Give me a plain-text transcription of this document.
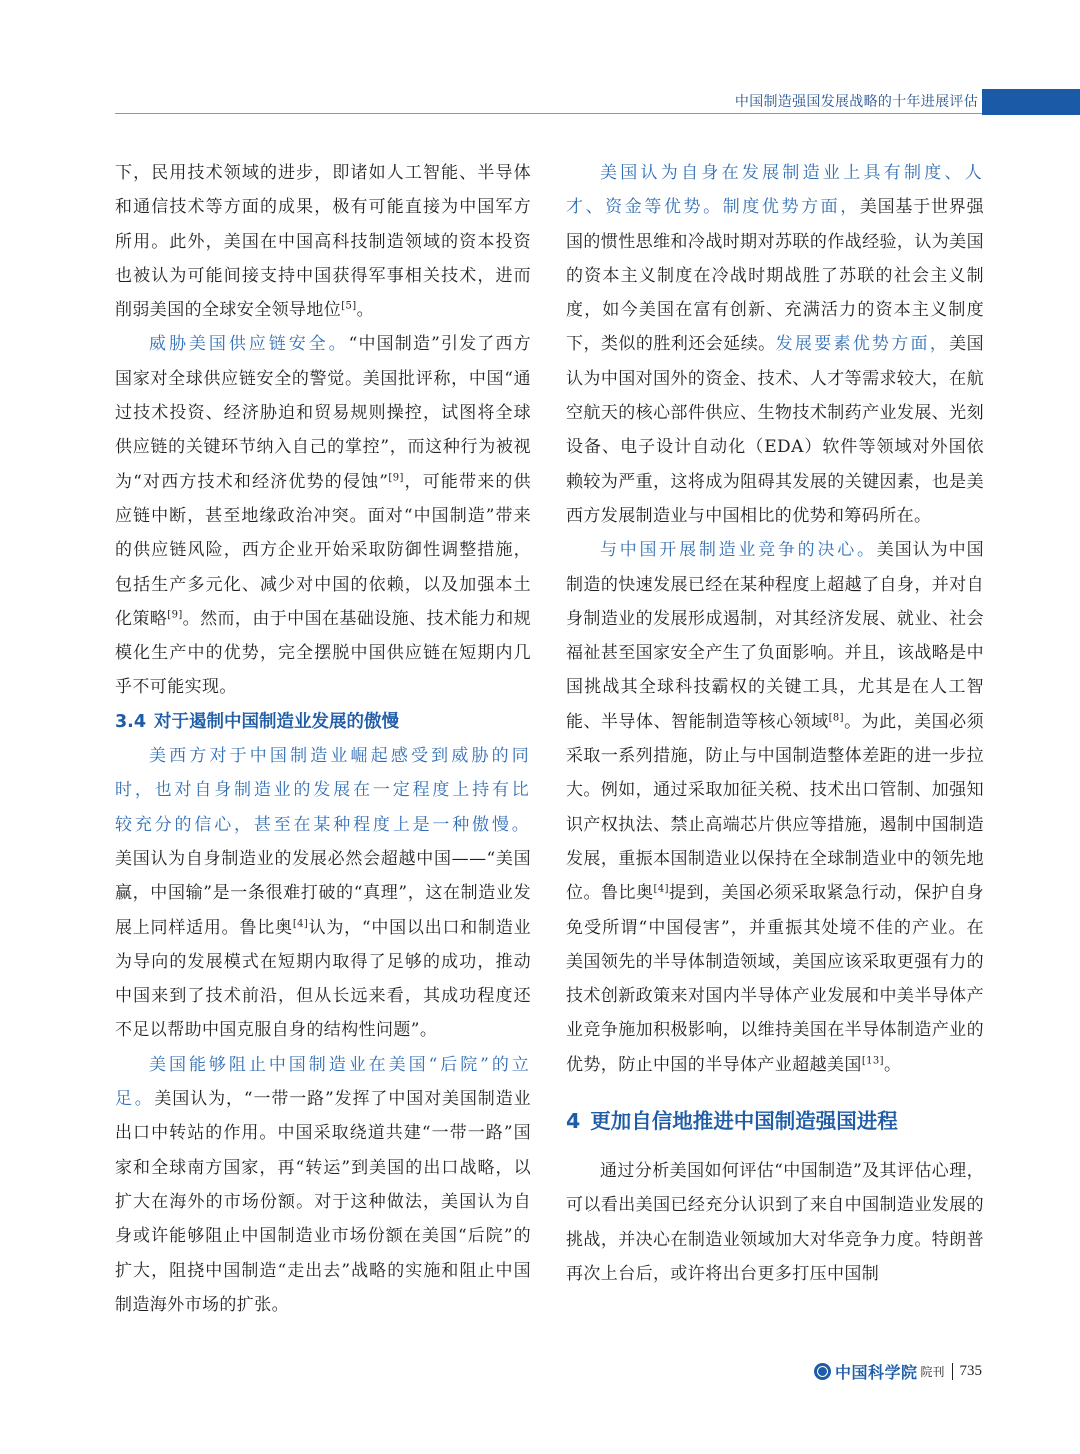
中国制造强国发展战略的十年进展评估

下，民用技术领域的进步，即诸如人工智能、半导体和通信技术等方面的成果，极有可能直接为中国军方所用。此外，美国在中国高科技制造领域的资本投资也被认为可能间接支持中国获得军事相关技术，进而削弱美国的全球安全领导地位[5]。

威胁美国供应链安全。“中国制造”引发了西方国家对全球供应链安全的警觉。美国批评称，中国“通过技术投资、经济胁迫和贸易规则操控，试图将全球供应链的关键环节纳入自己的掌控”，而这种行为被视为“对西方技术和经济优势的侵蚀”[9]，可能带来的供应链中断，甚至地缘政治冲突。面对“中国制造”带来的供应链风险，西方企业开始采取防御性调整措施，包括生产多元化、减少对中国的依赖，以及加强本土化策略[9]。然而，由于中国在基础设施、技术能力和规模化生产中的优势，完全摆脱中国供应链在短期内几乎不可能实现。

3.4 对于遏制中国制造业发展的傲慢

美西方对于中国制造业崛起感受到威胁的同时，也对自身制造业的发展在一定程度上持有比较充分的信心，甚至在某种程度上是一种傲慢。美国认为自身制造业的发展必然会超越中国——“美国赢，中国输”是一条很难打破的“真理”，这在制造业发展上同样适用。鲁比奥[4]认为，“中国以出口和制造业为导向的发展模式在短期内取得了足够的成功，推动中国来到了技术前沿，但从长远来看，其成功程度还不足以帮助中国克服自身的结构性问题”。

美国能够阻止中国制造业在美国“后院”的立足。美国认为，“一带一路”发挥了中国对美国制造业出口中转站的作用。中国采取绕道共建“一带一路”国家和全球南方国家，再“转运”到美国的出口战略，以扩大在海外的市场份额。对于这种做法，美国认为自身或许能够阻止中国制造业市场份额在美国“后院”的扩大，阻挠中国制造“走出去”战略的实施和阻止中国制造海外市场的扩张。

美国认为自身在发展制造业上具有制度、人才、资金等优势。制度优势方面，美国基于世界强国的惯性思维和冷战时期对苏联的作战经验，认为美国的资本主义制度在冷战时期战胜了苏联的社会主义制度，如今美国在富有创新、充满活力的资本主义制度下，类似的胜利还会延续。发展要素优势方面，美国认为中国对国外的资金、技术、人才等需求较大，在航空航天的核心部件供应、生物技术制药产业发展、光刻设备、电子设计自动化（EDA）软件等领域对外国依赖较为严重，这将成为阻碍其发展的关键因素，也是美西方发展制造业与中国相比的优势和筹码所在。

与中国开展制造业竞争的决心。美国认为中国制造的快速发展已经在某种程度上超越了自身，并对自身制造业的发展形成遏制，对其经济发展、就业、社会福祉甚至国家安全产生了负面影响。并且，该战略是中国挑战其全球科技霸权的关键工具，尤其是在人工智能、半导体、智能制造等核心领域[8]。为此，美国必须采取一系列措施，防止与中国制造整体差距的进一步拉大。例如，通过采取加征关税、技术出口管制、加强知识产权执法、禁止高端芯片供应等措施，遏制中国制造发展，重振本国制造业以保持在全球制造业中的领先地位。鲁比奥[4]提到，美国必须采取紧急行动，保护自身免受所谓“中国侵害”，并重振其处境不佳的产业。在美国领先的半导体制造领域，美国应该采取更强有力的技术创新政策来对国内半导体产业发展和中美半导体产业竞争施加积极影响，以维持美国在半导体制造产业的优势，防止中国的半导体产业超越美国[13]。

4 更加自信地推进中国制造强国进程

通过分析美国如何评估“中国制造”及其评估心理，可以看出美国已经充分认识到了来自中国制造业发展的挑战，并决心在制造业领域加大对华竞争力度。特朗普再次上台后，或许将出台更多打压中国制

中国科学院 院刊 735
